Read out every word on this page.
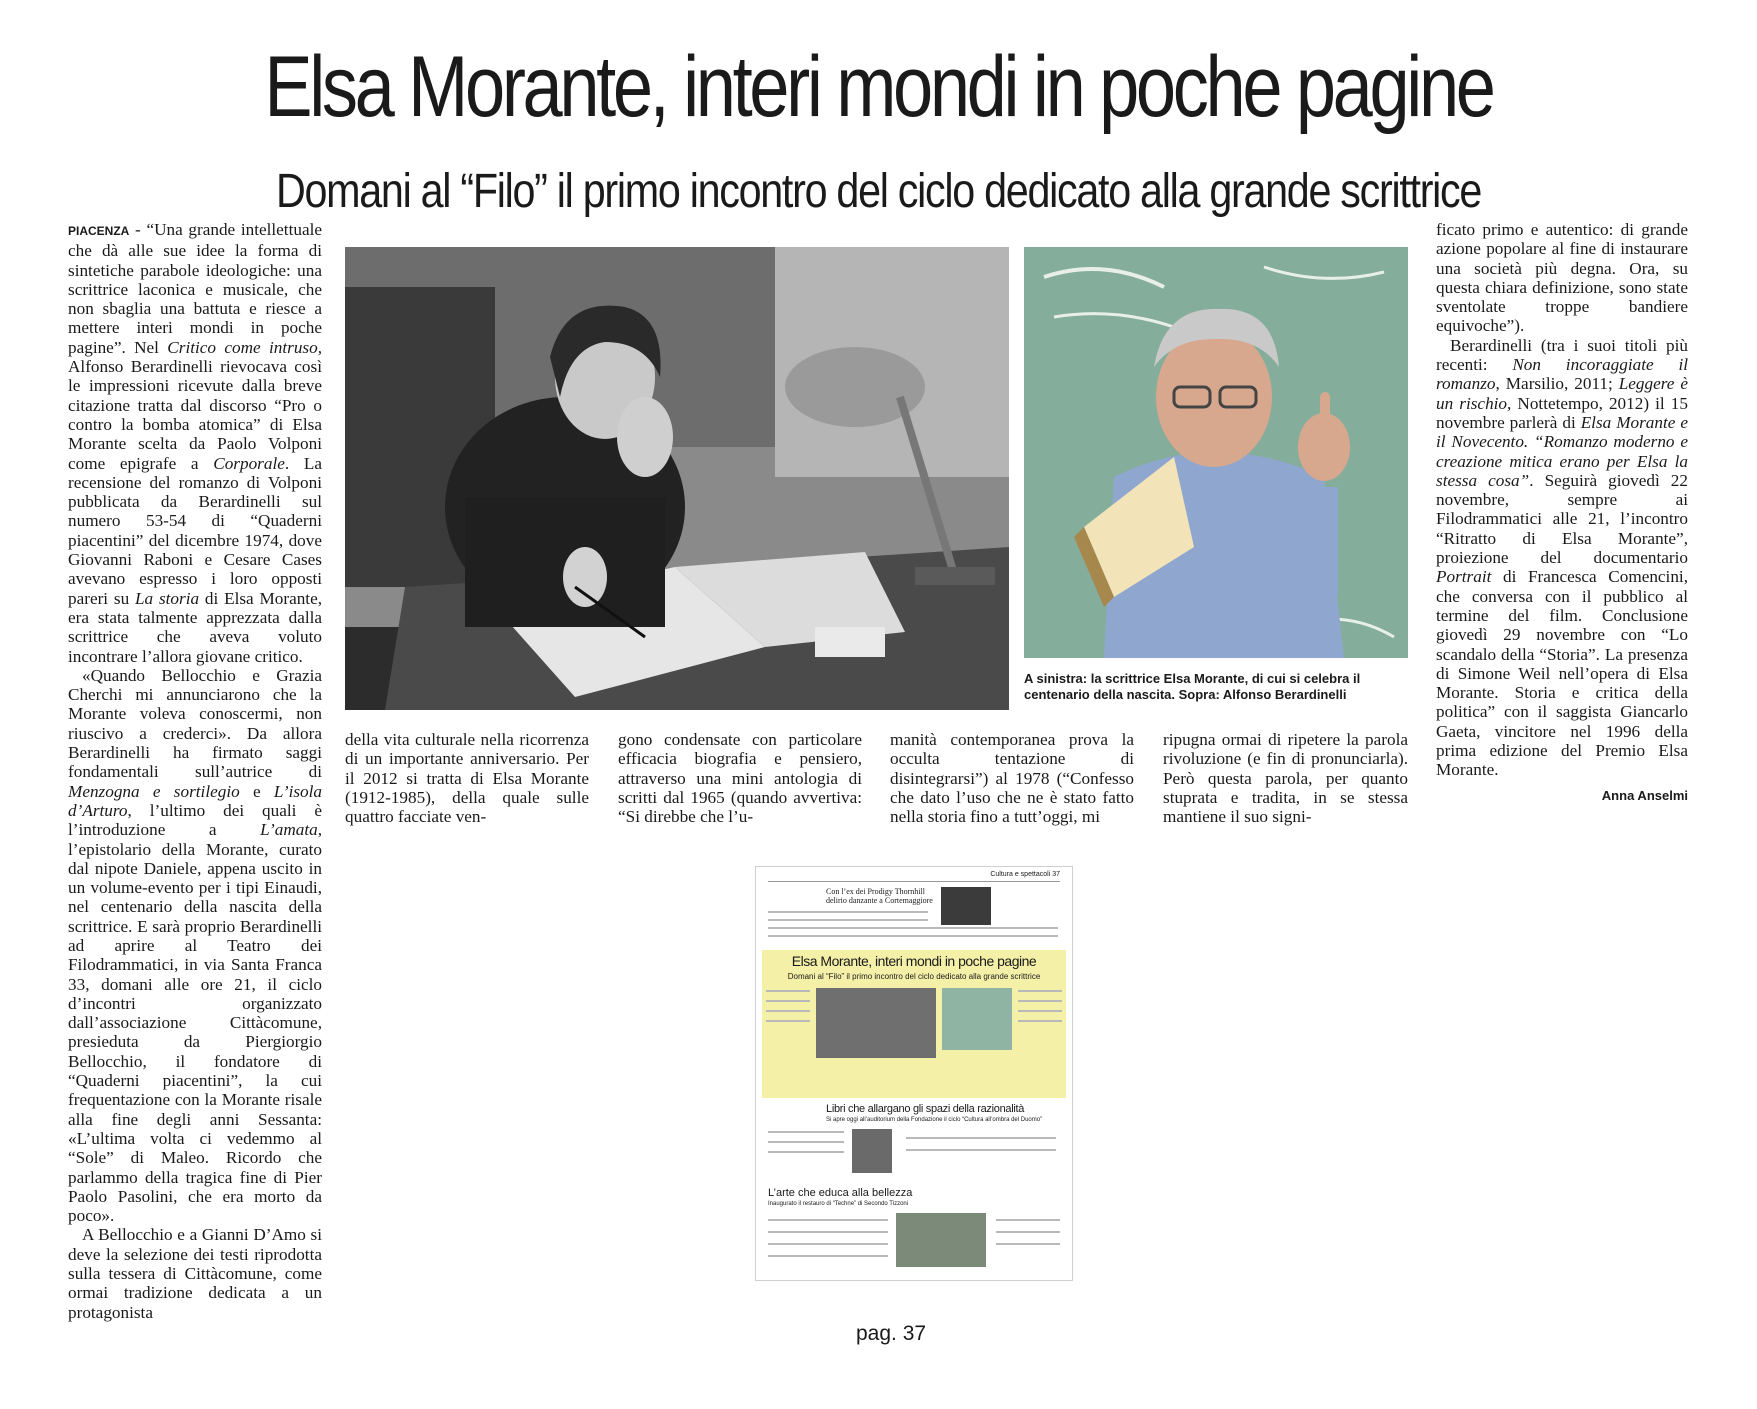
Elsa Morante, interi mondi in poche pagine
Domani al “Filo” il primo incontro del ciclo dedicato alla grande scrittrice

PIACENZA - “Una grande intellettuale che dà alle sue idee la forma di sintetiche parabole ideologiche: una scrittrice laconica e musicale, che non sbaglia una battuta e riesce a mettere interi mondi in poche pagine”. Nel Critico come intruso, Alfonso Berardinelli rievocava così le impressioni ricevute dalla breve citazione tratta dal discorso “Pro o contro la bomba atomica” di Elsa Morante scelta da Paolo Volponi come epigrafe a Corporale. La recensione del romanzo di Volponi pubblicata da Berardinelli sul numero 53-54 di “Quaderni piacentini” del dicembre 1974, dove Giovanni Raboni e Cesare Cases avevano espresso i loro opposti pareri su La storia di Elsa Morante, era stata talmente apprezzata dalla scrittrice che aveva voluto incontrare l’allora giovane critico.

«Quando Bellocchio e Grazia Cherchi mi annunciarono che la Morante voleva conoscermi, non riuscivo a crederci». Da allora Berardinelli ha firmato saggi fondamentali sull’autrice di Menzogna e sortilegio e L’isola d’Arturo, l’ultimo dei quali è l’introduzione a L’amata, l’epistolario della Morante, curato dal nipote Daniele, appena uscito in un volume-evento per i tipi Einaudi, nel centenario della nascita della scrittrice. E sarà proprio Berardinelli ad aprire al Teatro dei Filodrammatici, in via Santa Franca 33, domani alle ore 21, il ciclo d’incontri organizzato dall’associazione Cittàcomune, presieduta da Piergiorgio Bellocchio, il fondatore di “Quaderni piacentini”, la cui frequentazione con la Morante risale alla fine degli anni Sessanta: «L’ultima volta ci vedemmo al “Sole” di Maleo. Ricordo che parlammo della tragica fine di Pier Paolo Pasolini, che era morto da poco».

A Bellocchio e a Gianni D’Amo si deve la selezione dei testi riprodotta sulla tessera di Cittàcomune, come ormai tradizione dedicata a un protagonista

A sinistra: la scrittrice Elsa Morante, di cui si celebra il centenario della nascita. Sopra: Alfonso Berardinelli

della vita culturale nella ricorrenza di un importante anniversario. Per il 2012 si tratta di Elsa Morante (1912-1985), della quale sulle quattro facciate ven-

gono condensate con particolare efficacia biografia e pensiero, attraverso una mini antologia di scritti dal 1965 (quando avvertiva: “Si direbbe che l’u-

manità contemporanea prova la occulta tentazione di disintegrarsi”) al 1978 (“Confesso che dato l’uso che ne è stato fatto nella storia fino a tutt’oggi, mi

ripugna ormai di ripetere la parola rivoluzione (e fin di pronunciarla). Però questa parola, per quanto stuprata e tradita, in se stessa mantiene il suo signi-

ficato primo e autentico: di grande azione popolare al fine di instaurare una società più degna. Ora, su questa chiara definizione, sono state sventolate troppe bandiere equivoche”).

Berardinelli (tra i suoi titoli più recenti: Non incoraggiate il romanzo, Marsilio, 2011; Leggere è un rischio, Nottetempo, 2012) il 15 novembre parlerà di Elsa Morante e il Novecento. “Romanzo moderno e creazione mitica erano per Elsa la stessa cosa”. Seguirà giovedì 22 novembre, sempre ai Filodrammatici alle 21, l’incontro “Ritratto di Elsa Morante”, proiezione del documentario Portrait di Francesca Comencini, che conversa con il pubblico al termine del film. Conclusione giovedì 29 novembre con “Lo scandalo della “Storia”. La presenza di Simone Weil nell’opera di Elsa Morante. Storia e critica della politica” con il saggista Giancarlo Gaeta, vincitore nel 1996 della prima edizione del Premio Elsa Morante.

Anna Anselmi
Cultura e spettacoli 37
Con l’ex dei Prodigy Thornhill delirio danzante a Cortemaggiore
Elsa Morante, interi mondi in poche pagine
Domani al “Filo” il primo incontro del ciclo dedicato alla grande scrittrice
Libri che allargano gli spazi della razionalità
Si apre oggi all’auditorium della Fondazione il ciclo “Cultura all’ombra del Duomo”
L’arte che educa alla bellezza
Inaugurato il restauro di “Techne” di Secondo Tizzoni
pag. 37
